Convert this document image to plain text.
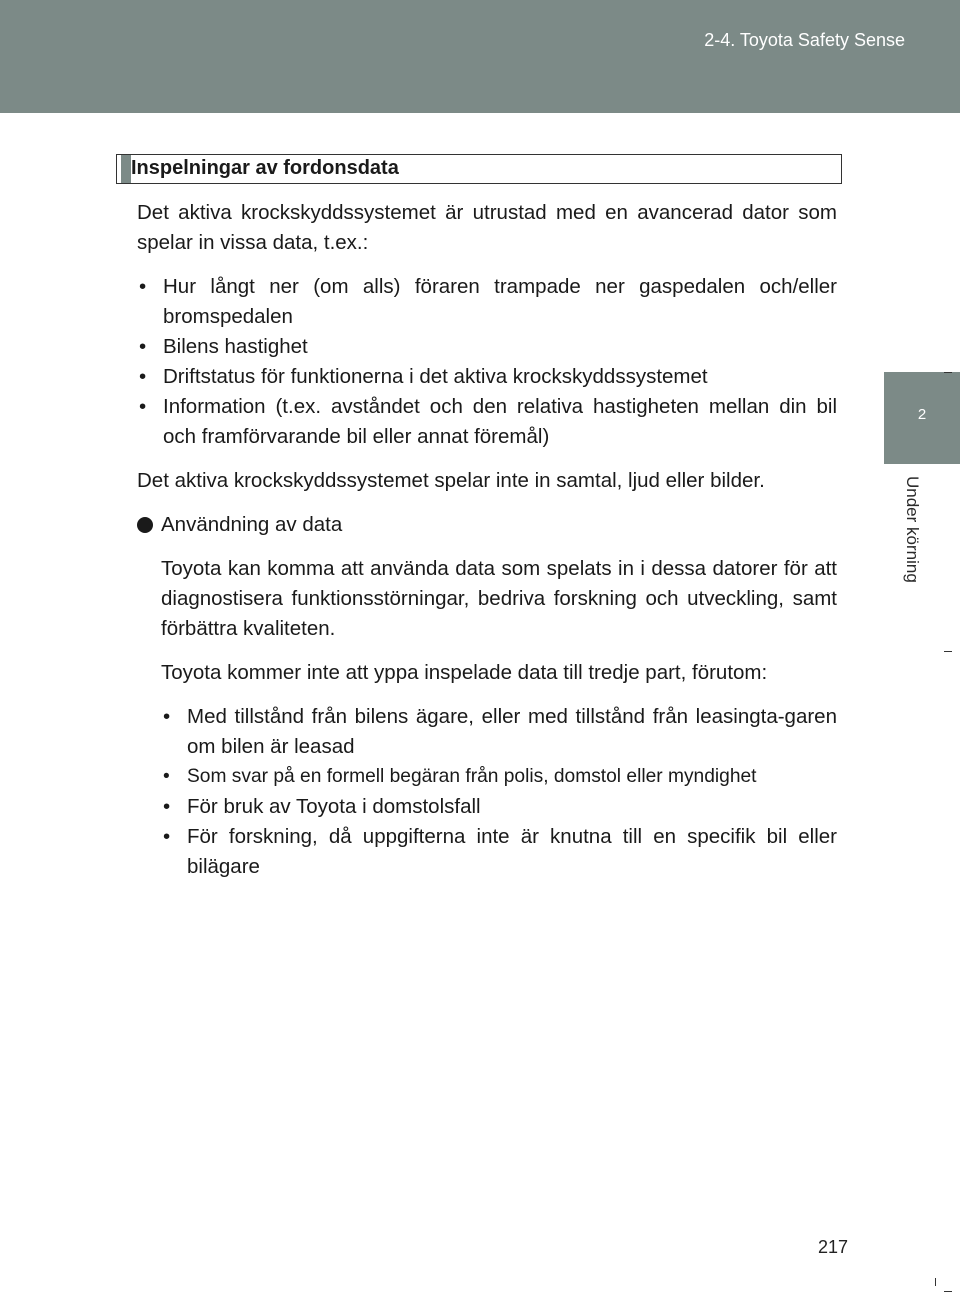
2-4. Toyota Safety Sense
2
Under körning
Inspelningar av fordonsdata

Det aktiva krockskyddssystemet är utrustad med en avancerad dator som spelar in vissa data, t.ex.:

• Hur långt ner (om alls) föraren trampade ner gaspedalen och/eller bromspedalen
• Bilens hastighet
• Driftstatus för funktionerna i det aktiva krockskyddssystemet
• Information (t.ex. avståndet och den relativa hastigheten mellan din bil och framförvarande bil eller annat föremål)

Det aktiva krockskyddssystemet spelar inte in samtal, ljud eller bilder.

Användning av data

Toyota kan komma att använda data som spelats in i dessa datorer för att diagnostisera funktionsstörningar, bedriva forskning och utveckling, samt förbättra kvaliteten.

Toyota kommer inte att yppa inspelade data till tredje part, förutom:

• Med tillstånd från bilens ägare, eller med tillstånd från leasingta-garen om bilen är leasad
• Som svar på en formell begäran från polis, domstol eller myndighet
• För bruk av Toyota i domstolsfall
• För forskning, då uppgifterna inte är knutna till en specifik bil eller bilägare
217
